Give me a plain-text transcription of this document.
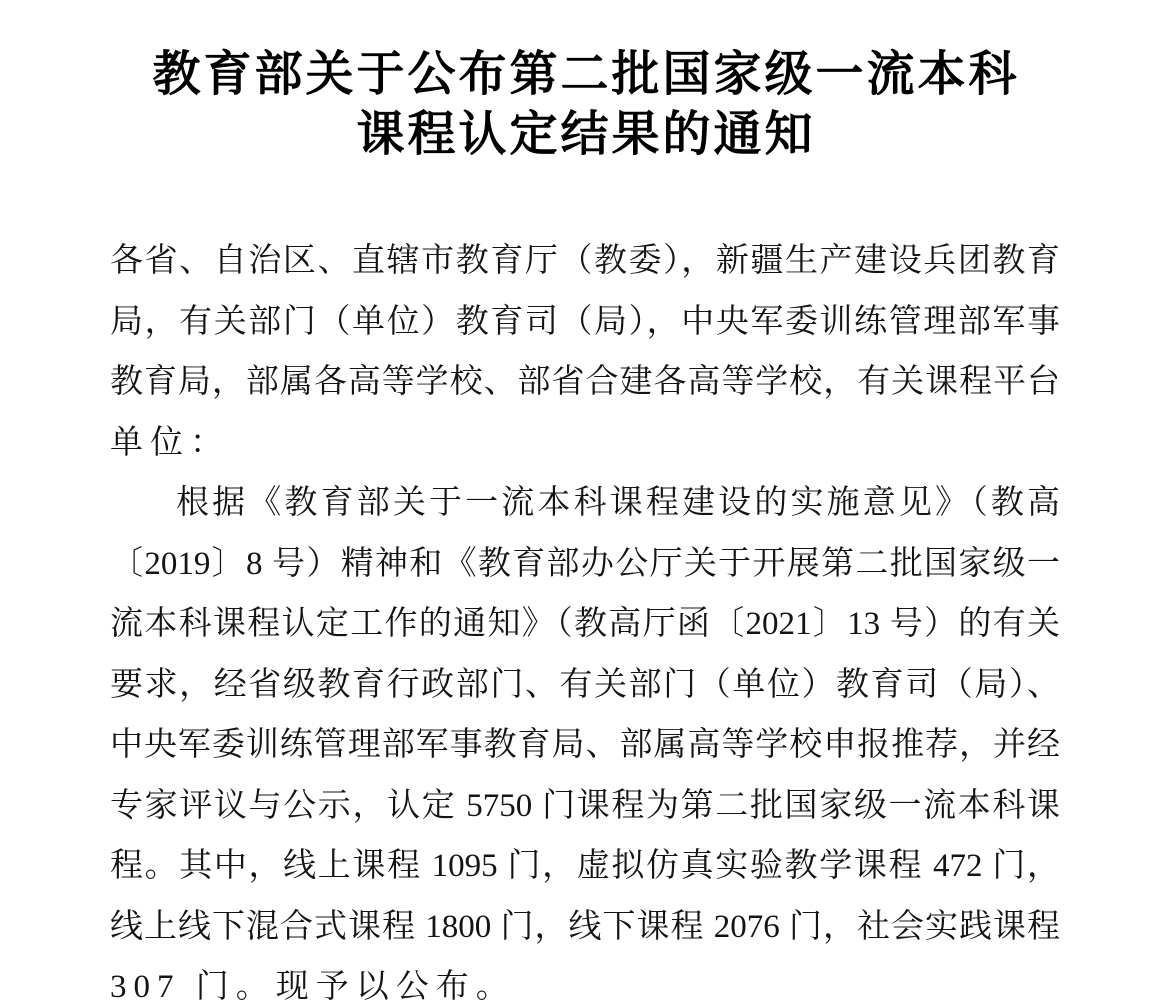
教育部关于公布第二批国家级一流本科
课程认定结果的通知
各省、自治区、直辖市教育厅（教委），新疆生产建设兵团教育
局，有关部门（单位）教育司（局），中央军委训练管理部军事
教育局，部属各高等学校、部省合建各高等学校，有关课程平台
单位：
根据《教育部关于一流本科课程建设的实施意见》（教高
〔2019〕8 号）精神和《教育部办公厅关于开展第二批国家级一
流本科课程认定工作的通知》（教高厅函〔2021〕13 号）的有关
要求，经省级教育行政部门、有关部门（单位）教育司（局）、
中央军委训练管理部军事教育局、部属高等学校申报推荐，并经
专家评议与公示，认定 5750 门课程为第二批国家级一流本科课
程。其中，线上课程 1095 门，虚拟仿真实验教学课程 472 门，
线上线下混合式课程 1800 门，线下课程 2076 门，社会实践课程
307 门。现予以公布。
